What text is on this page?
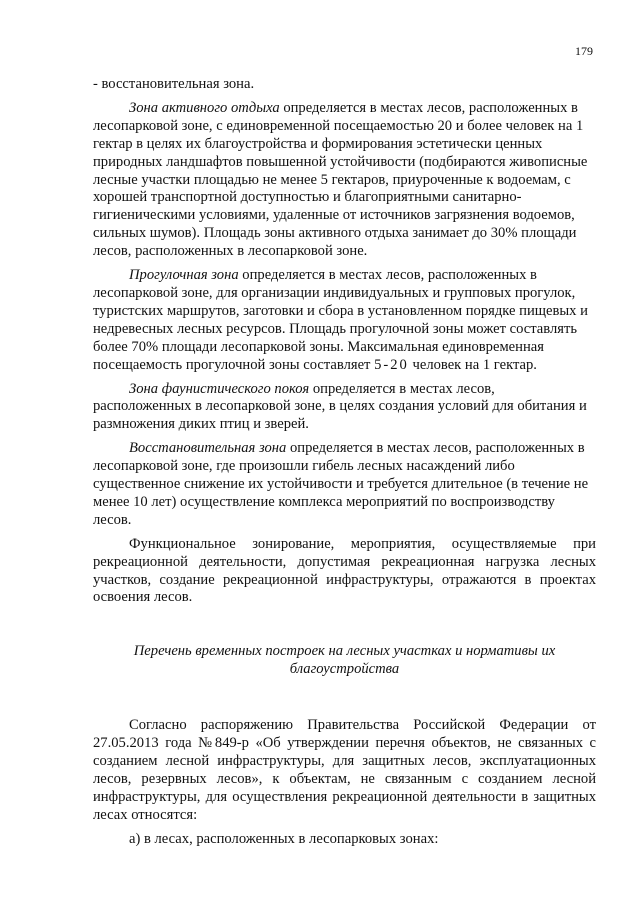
179

- восстановительная зона.

Зона активного отдыха определяется в местах лесов, расположенных в лесопарковой зоне, с единовременной посещаемостью 20 и более человек на 1 гектар в целях их благоустройства и формирования эстетически ценных природных ландшафтов повышенной устойчивости (подбираются живописные лесные участки площадью не менее 5 гектаров, приуроченные к водоемам, с хорошей транспортной доступностью и благоприятными санитарно-гигиеническими условиями, удаленные от источников загрязнения водоемов, сильных шумов). Площадь зоны активного отдыха занимает до 30% площади лесов, расположенных в лесопарковой зоне.

Прогулочная зона определяется в местах лесов, расположенных в лесопарковой зоне, для организации индивидуальных и групповых прогулок, туристских маршрутов, заготовки и сбора в установленном порядке пищевых и недревесных лесных ресурсов. Площадь прогулочной зоны может составлять более 70% площади лесопарковой зоны. Максимальная единовременная посещаемость прогулочной зоны составляет 5-20 человек на 1 гектар.

Зона фаунистического покоя определяется в местах лесов, расположенных в лесопарковой зоне, в целях создания условий для обитания и размножения диких птиц и зверей.

Восстановительная зона определяется в местах лесов, расположенных в лесопарковой зоне, где произошли гибель лесных насаждений либо существенное снижение их устойчивости и требуется длительное (в течение не менее 10 лет) осуществление комплекса мероприятий по воспроизводству лесов.

Функциональное зонирование, мероприятия, осуществляемые при рекреационной деятельности, допустимая рекреационная нагрузка лесных участков, создание рекреационной инфраструктуры, отражаются в проектах освоения лесов.

Перечень временных построек на лесных участках и нормативы их благоустройства

Согласно распоряжению Правительства Российской Федерации от 27.05.2013 года №849-р «Об утверждении перечня объектов, не связанных с созданием лесной инфраструктуры, для защитных лесов, эксплуатационных лесов, резервных лесов», к объектам, не связанным с созданием лесной инфраструктуры, для осуществления рекреационной деятельности в защитных лесах относятся:

а) в лесах, расположенных в лесопарковых зонах:
